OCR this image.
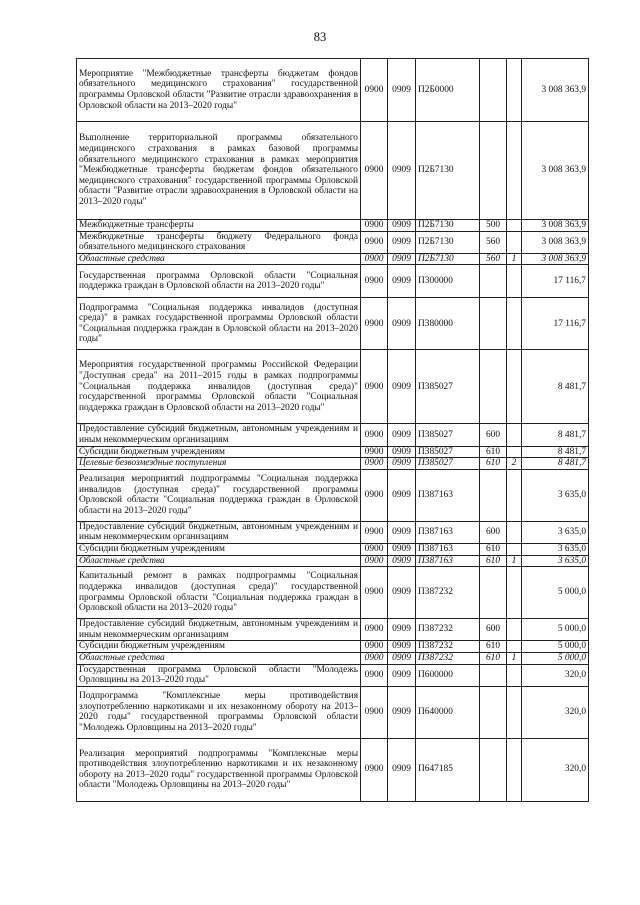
83
Мероприятие "Межбюджетные трансферты бюджетам фондов обязательного медицинского страхования" государственной программы Орловской области "Развитие отрасли здравоохранения в Орловской области на 2013–2020 годы"	0900	0909	П2Б0000			3 008 363,9
Выполнение территориальной программы обязательного медицинского страхования в рамках базовой программы обязательного медицинского страхования в рамках мероприятия "Межбюджетные трансферты бюджетам фондов обязательного медицинского страхования" государственной программы Орловской области "Развитие отрасли здравоохранения в Орловской области на 2013–2020 годы"	0900	0909	П2Б7130			3 008 363,9
Межбюджетные трансферты	0900	0909	П2Б7130	500		3 008 363,9
Межбюджетные трансферты бюджету Федерального фонда обязательного медицинского страхования	0900	0909	П2Б7130	560		3 008 363,9
Областные средства	0900	0909	П2Б7130	560	1	3 008 363,9
Государственная программа Орловской области "Социальная поддержка граждан в Орловской области на 2013–2020 годы"	0900	0909	П300000			17 116,7
Подпрограмма "Социальная поддержка инвалидов (доступная среда)" в рамках государственной программы Орловской области "Социальная поддержка граждан в Орловской области на 2013–2020 годы"	0900	0909	П380000			17 116,7
Мероприятия государственной программы Российской Федерации "Доступная среда" на 2011–2015 годы в рамках подпрограммы "Социальная поддержка инвалидов (доступная среда)" государственной программы Орловской области "Социальная поддержка граждан в Орловской области на 2013–2020 годы"	0900	0909	П385027			8 481,7
Предоставление субсидий бюджетным, автономным учреждениям и иным некоммерческим организациям	0900	0909	П385027	600		8 481,7
Субсидии бюджетным учреждениям	0900	0909	П385027	610		8 481,7
Целевые безвозмездные поступления	0900	0909	П385027	610	2	8 481,7
Реализация мероприятий подпрограммы "Социальная поддержка инвалидов (доступная среда)" государственной программы Орловской области "Социальная поддержка граждан в Орловской области на 2013–2020 годы"	0900	0909	П387163			3 635,0
Предоставление субсидий бюджетным, автономным учреждениям и иным некоммерческим организациям	0900	0909	П387163	600		3 635,0
Субсидии бюджетным учреждениям	0900	0909	П387163	610		3 635,0
Областные средства	0900	0909	П387163	610	1	3 635,0
Капитальный ремонт в рамках подпрограммы "Социальная поддержка инвалидов (доступная среда)" государственной программы Орловской области "Социальная поддержка граждан в Орловской области на 2013–2020 годы"	0900	0909	П387232			5 000,0
Предоставление субсидий бюджетным, автономным учреждениям и иным некоммерческим организациям	0900	0909	П387232	600		5 000,0
Субсидии бюджетным учреждениям	0900	0909	П387232	610		5 000,0
Областные средства	0900	0909	П387232	610	1	5 000,0
Государственная программа Орловской области "Молодежь Орловщины на 2013–2020 годы"	0900	0909	П600000			320,0
Подпрограмма "Комплексные меры противодействия злоупотреблению наркотиками и их незаконному обороту на 2013–2020 годы" государственной программы Орловской области "Молодежь Орловщины на 2013–2020 годы"	0900	0909	П640000			320,0
Реализация мероприятий подпрограммы "Комплексные меры противодействия злоупотреблению наркотиками и их незаконному обороту на 2013–2020 годы" государственной программы Орловской области "Молодежь Орловщины на 2013–2020 годы"	0900	0909	П647185			320,0
